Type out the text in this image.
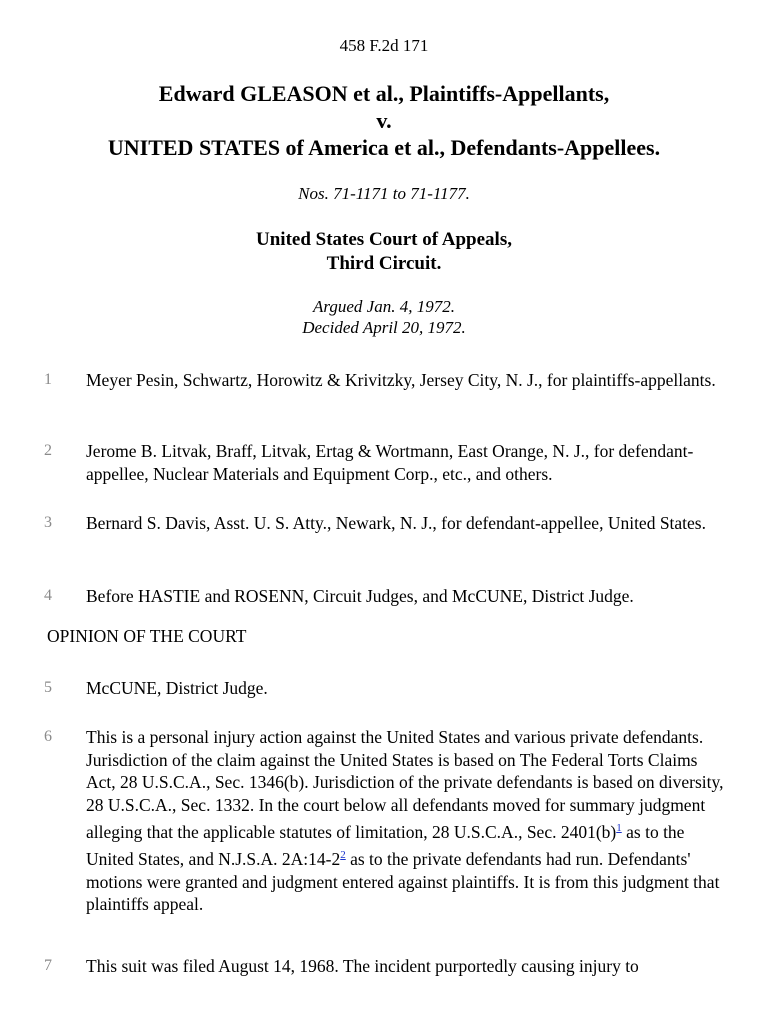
458 F.2d 171
Edward GLEASON et al., Plaintiffs-Appellants,
v.
UNITED STATES of America et al., Defendants-Appellees.
Nos. 71-1171 to 71-1177.
United States Court of Appeals,
Third Circuit.
Argued Jan. 4, 1972.
Decided April 20, 1972.
1 Meyer Pesin, Schwartz, Horowitz & Krivitzky, Jersey City, N. J., for plaintiffs-appellants.
2 Jerome B. Litvak, Braff, Litvak, Ertag & Wortmann, East Orange, N. J., for defendant-appellee, Nuclear Materials and Equipment Corp., etc., and others.
3 Bernard S. Davis, Asst. U. S. Atty., Newark, N. J., for defendant-appellee, United States.
4 Before HASTIE and ROSENN, Circuit Judges, and McCUNE, District Judge.
OPINION OF THE COURT
5 McCUNE, District Judge.
6 This is a personal injury action against the United States and various private defendants. Jurisdiction of the claim against the United States is based on The Federal Torts Claims Act, 28 U.S.C.A., Sec. 1346(b). Jurisdiction of the private defendants is based on diversity, 28 U.S.C.A., Sec. 1332. In the court below all defendants moved for summary judgment alleging that the applicable statutes of limitation, 28 U.S.C.A., Sec. 2401(b)$^1$ as to the United States, and N.J.S.A. 2A:14-2$^2$ as to the private defendants had run. Defendants' motions were granted and judgment entered against plaintiffs. It is from this judgment that plaintiffs appeal.
7 This suit was filed August 14, 1968. The incident purportedly causing injury to
